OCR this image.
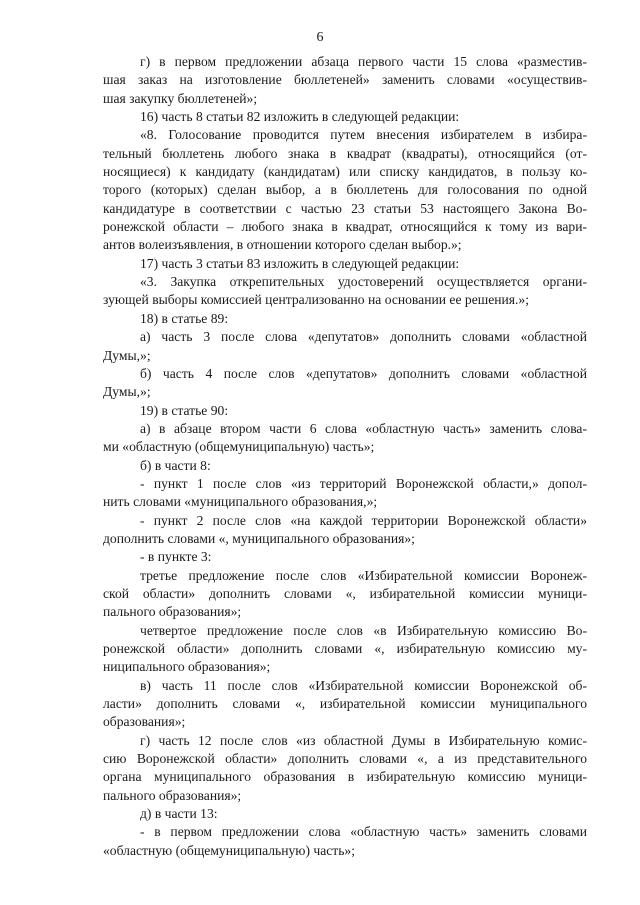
6
г) в первом предложении абзаца первого части 15 слова «разместив-
шая заказ на изготовление бюллетеней» заменить словами «осуществив-
шая закупку бюллетеней»;
16) часть 8 статьи 82 изложить в следующей редакции:
«8. Голосование проводится путем внесения избирателем в избира-
тельный бюллетень любого знака в квадрат (квадраты), относящийся (от-
носящиеся) к кандидату (кандидатам) или списку кандидатов, в пользу ко-
торого (которых) сделан выбор, а в бюллетень для голосования по одной
кандидатуре в соответствии с частью 23 статьи 53 настоящего Закона Во-
ронежской области – любого знака в квадрат, относящийся к тому из вари-
антов волеизъявления, в отношении которого сделан выбор.»;
17) часть 3 статьи 83 изложить в следующей редакции:
«3. Закупка открепительных удостоверений осуществляется органи-
зующей выборы комиссией централизованно на основании ее решения.»;
18) в статье 89:
а) часть 3 после слова «депутатов» дополнить словами «областной
Думы,»;
б) часть 4 после слов «депутатов» дополнить словами «областной
Думы,»;
19) в статье 90:
а) в абзаце втором части 6 слова «областную часть» заменить слова-
ми «областную (общемуниципальную) часть»;
б) в части 8:
- пункт 1 после слов «из территорий Воронежской области,» допол-
нить словами «муниципального образования,»;
- пункт 2 после слов «на каждой территории Воронежской области»
дополнить словами «, муниципального образования»;
- в пункте 3:
третье предложение после слов «Избирательной комиссии Воронеж-
ской области» дополнить словами «, избирательной комиссии муници-
пального образования»;
четвертое предложение после слов «в Избирательную комиссию Во-
ронежской области» дополнить словами «, избирательную комиссию му-
ниципального образования»;
в) часть 11 после слов «Избирательной комиссии Воронежской об-
ласти» дополнить словами «, избирательной комиссии муниципального
образования»;
г) часть 12 после слов «из областной Думы в Избирательную комис-
сию Воронежской области» дополнить словами «, а из представительного
органа муниципального образования в избирательную комиссию муници-
пального образования»;
д) в части 13:
- в первом предложении слова «областную часть» заменить словами
«областную (общемуниципальную) часть»;
